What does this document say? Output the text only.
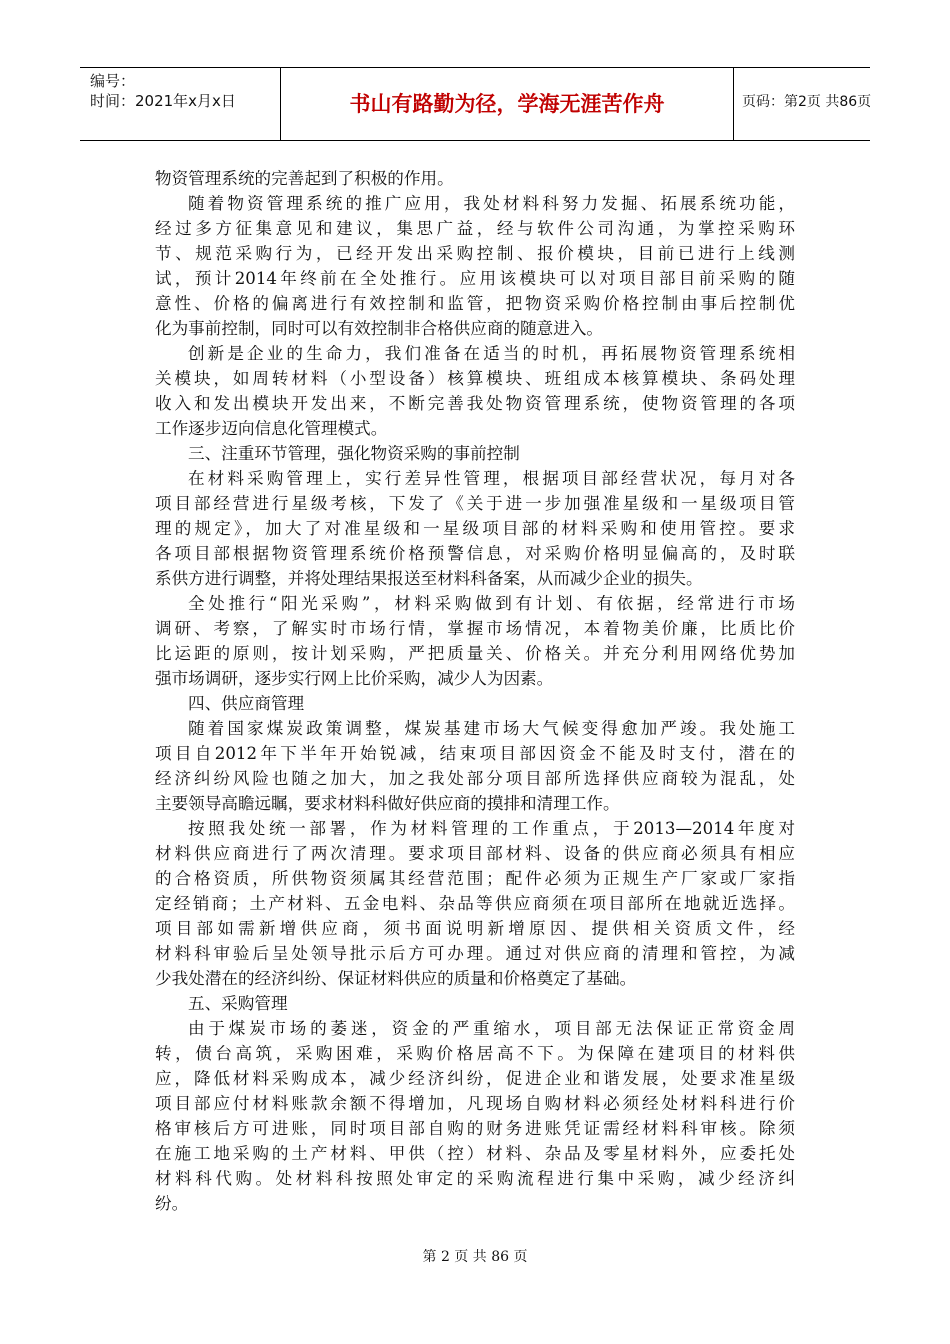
编号：
时间：2021年x月x日	书山有路勤为径，学海无涯苦作舟	页码：第2页 共86页
物资管理系统的完善起到了积极的作用。
随着物资管理系统的推广应用，我处材料科努力发掘、拓展系统功能，
经过多方征集意见和建议，集思广益，经与软件公司沟通，为掌控采购环
节、规范采购行为，已经开发出采购控制、报价模块，目前已进行上线测
试，预计2014年终前在全处推行。应用该模块可以对项目部目前采购的随
意性、价格的偏离进行有效控制和监管，把物资采购价格控制由事后控制优
化为事前控制，同时可以有效控制非合格供应商的随意进入。
创新是企业的生命力，我们准备在适当的时机，再拓展物资管理系统相
关模块，如周转材料（小型设备）核算模块、班组成本核算模块、条码处理
收入和发出模块开发出来，不断完善我处物资管理系统，使物资管理的各项
工作逐步迈向信息化管理模式。
三、注重环节管理，强化物资采购的事前控制
在材料采购管理上，实行差异性管理，根据项目部经营状况，每月对各
项目部经营进行星级考核，下发了《关于进一步加强准星级和一星级项目管
理的规定》，加大了对准星级和一星级项目部的材料采购和使用管控。要求
各项目部根据物资管理系统价格预警信息，对采购价格明显偏高的，及时联
系供方进行调整，并将处理结果报送至材料科备案，从而减少企业的损失。
全处推行“阳光采购”，材料采购做到有计划、有依据，经常进行市场
调研、考察，了解实时市场行情，掌握市场情况，本着物美价廉，比质比价
比运距的原则，按计划采购，严把质量关、价格关。并充分利用网络优势加
强市场调研，逐步实行网上比价采购，减少人为因素。
四、供应商管理
随着国家煤炭政策调整，煤炭基建市场大气候变得愈加严竣。我处施工
项目自2012年下半年开始锐减，结束项目部因资金不能及时支付，潜在的
经济纠纷风险也随之加大，加之我处部分项目部所选择供应商较为混乱，处
主要领导高瞻远瞩，要求材料科做好供应商的摸排和清理工作。
按照我处统一部署，作为材料管理的工作重点，于2013—2014年度对
材料供应商进行了两次清理。要求项目部材料、设备的供应商必须具有相应
的合格资质，所供物资须属其经营范围；配件必须为正规生产厂家或厂家指
定经销商；土产材料、五金电料、杂品等供应商须在项目部所在地就近选择。
项目部如需新增供应商，须书面说明新增原因、提供相关资质文件，经
材料科审验后呈处领导批示后方可办理。通过对供应商的清理和管控，为减
少我处潜在的经济纠纷、保证材料供应的质量和价格奠定了基础。
五、采购管理
由于煤炭市场的萎迷，资金的严重缩水，项目部无法保证正常资金周
转，债台高筑，采购困难，采购价格居高不下。为保障在建项目的材料供
应，降低材料采购成本，减少经济纠纷，促进企业和谐发展，处要求准星级
项目部应付材料账款余额不得增加，凡现场自购材料必须经处材料科进行价
格审核后方可进账，同时项目部自购的财务进账凭证需经材料科审核。除须
在施工地采购的土产材料、甲供（控）材料、杂品及零星材料外，应委托处
材料科代购。处材料科按照处审定的采购流程进行集中采购，减少经济纠
纷。
第 2 页 共 86 页
